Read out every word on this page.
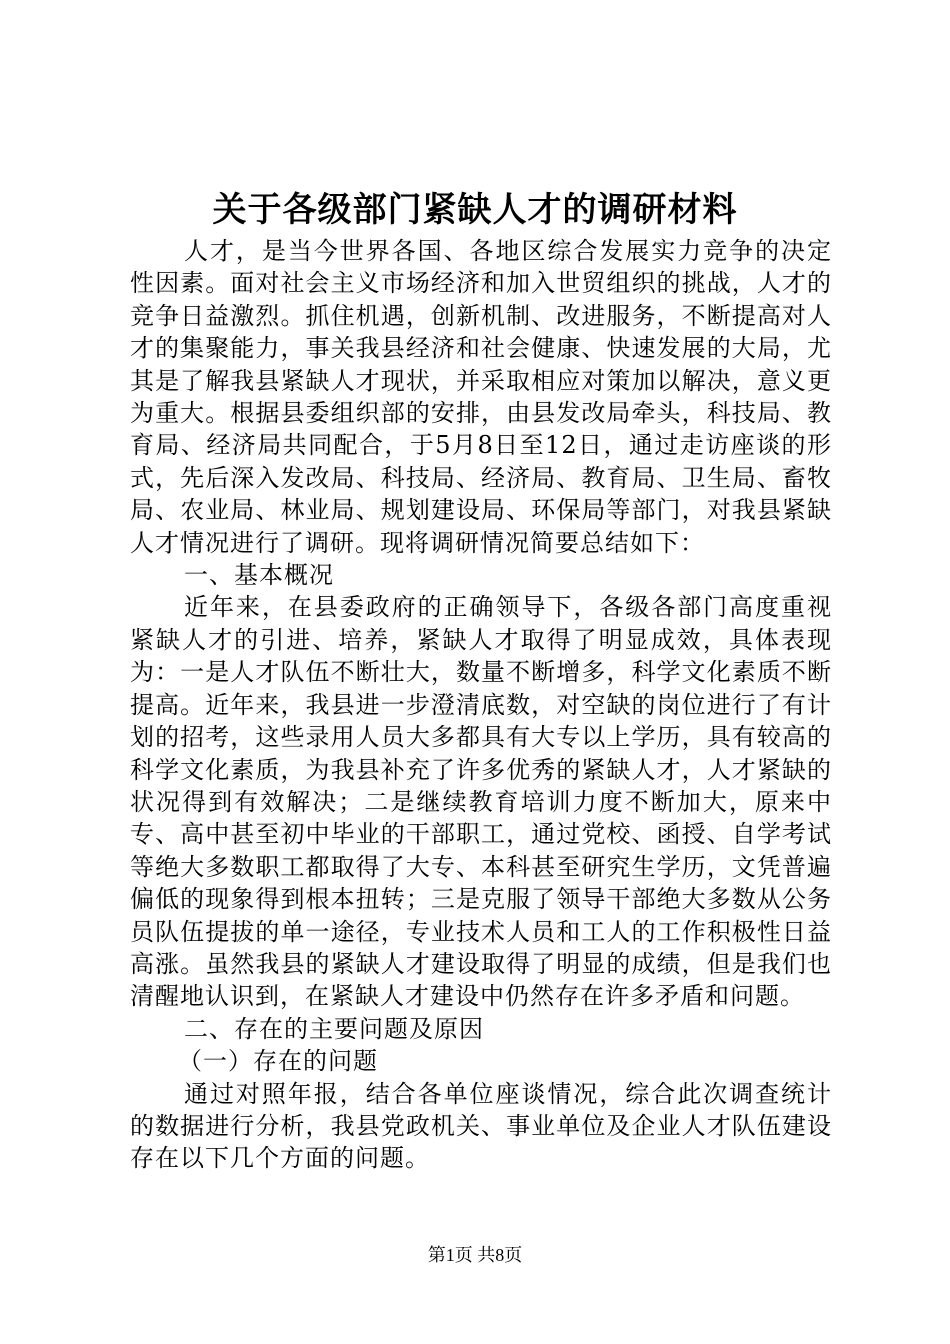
关于各级部门紧缺人才的调研材料

人才，是当今世界各国、各地区综合发展实力竞争的决定性因素。面对社会主义市场经济和加入世贸组织的挑战，人才的竞争日益激烈。抓住机遇，创新机制、改进服务，不断提高对人才的集聚能力，事关我县经济和社会健康、快速发展的大局，尤其是了解我县紧缺人才现状，并采取相应对策加以解决，意义更为重大。根据县委组织部的安排，由县发改局牵头，科技局、教育局、经济局共同配合，于5月8日至12日，通过走访座谈的形式，先后深入发改局、科技局、经济局、教育局、卫生局、畜牧局、农业局、林业局、规划建设局、环保局等部门，对我县紧缺人才情况进行了调研。现将调研情况简要总结如下：

一、基本概况

近年来，在县委政府的正确领导下，各级各部门高度重视紧缺人才的引进、培养，紧缺人才取得了明显成效，具体表现为：一是人才队伍不断壮大，数量不断增多，科学文化素质不断提高。近年来，我县进一步澄清底数，对空缺的岗位进行了有计划的招考，这些录用人员大多都具有大专以上学历，具有较高的科学文化素质，为我县补充了许多优秀的紧缺人才，人才紧缺的状况得到有效解决；二是继续教育培训力度不断加大，原来中专、高中甚至初中毕业的干部职工，通过党校、函授、自学考试等绝大多数职工都取得了大专、本科甚至研究生学历，文凭普遍偏低的现象得到根本扭转；三是克服了领导干部绝大多数从公务员队伍提拔的单一途径，专业技术人员和工人的工作积极性日益高涨。虽然我县的紧缺人才建设取得了明显的成绩，但是我们也清醒地认识到，在紧缺人才建设中仍然存在许多矛盾和问题。

二、存在的主要问题及原因

（一）存在的问题

通过对照年报，结合各单位座谈情况，综合此次调查统计的数据进行分析，我县党政机关、事业单位及企业人才队伍建设存在以下几个方面的问题。

第1页 共8页
